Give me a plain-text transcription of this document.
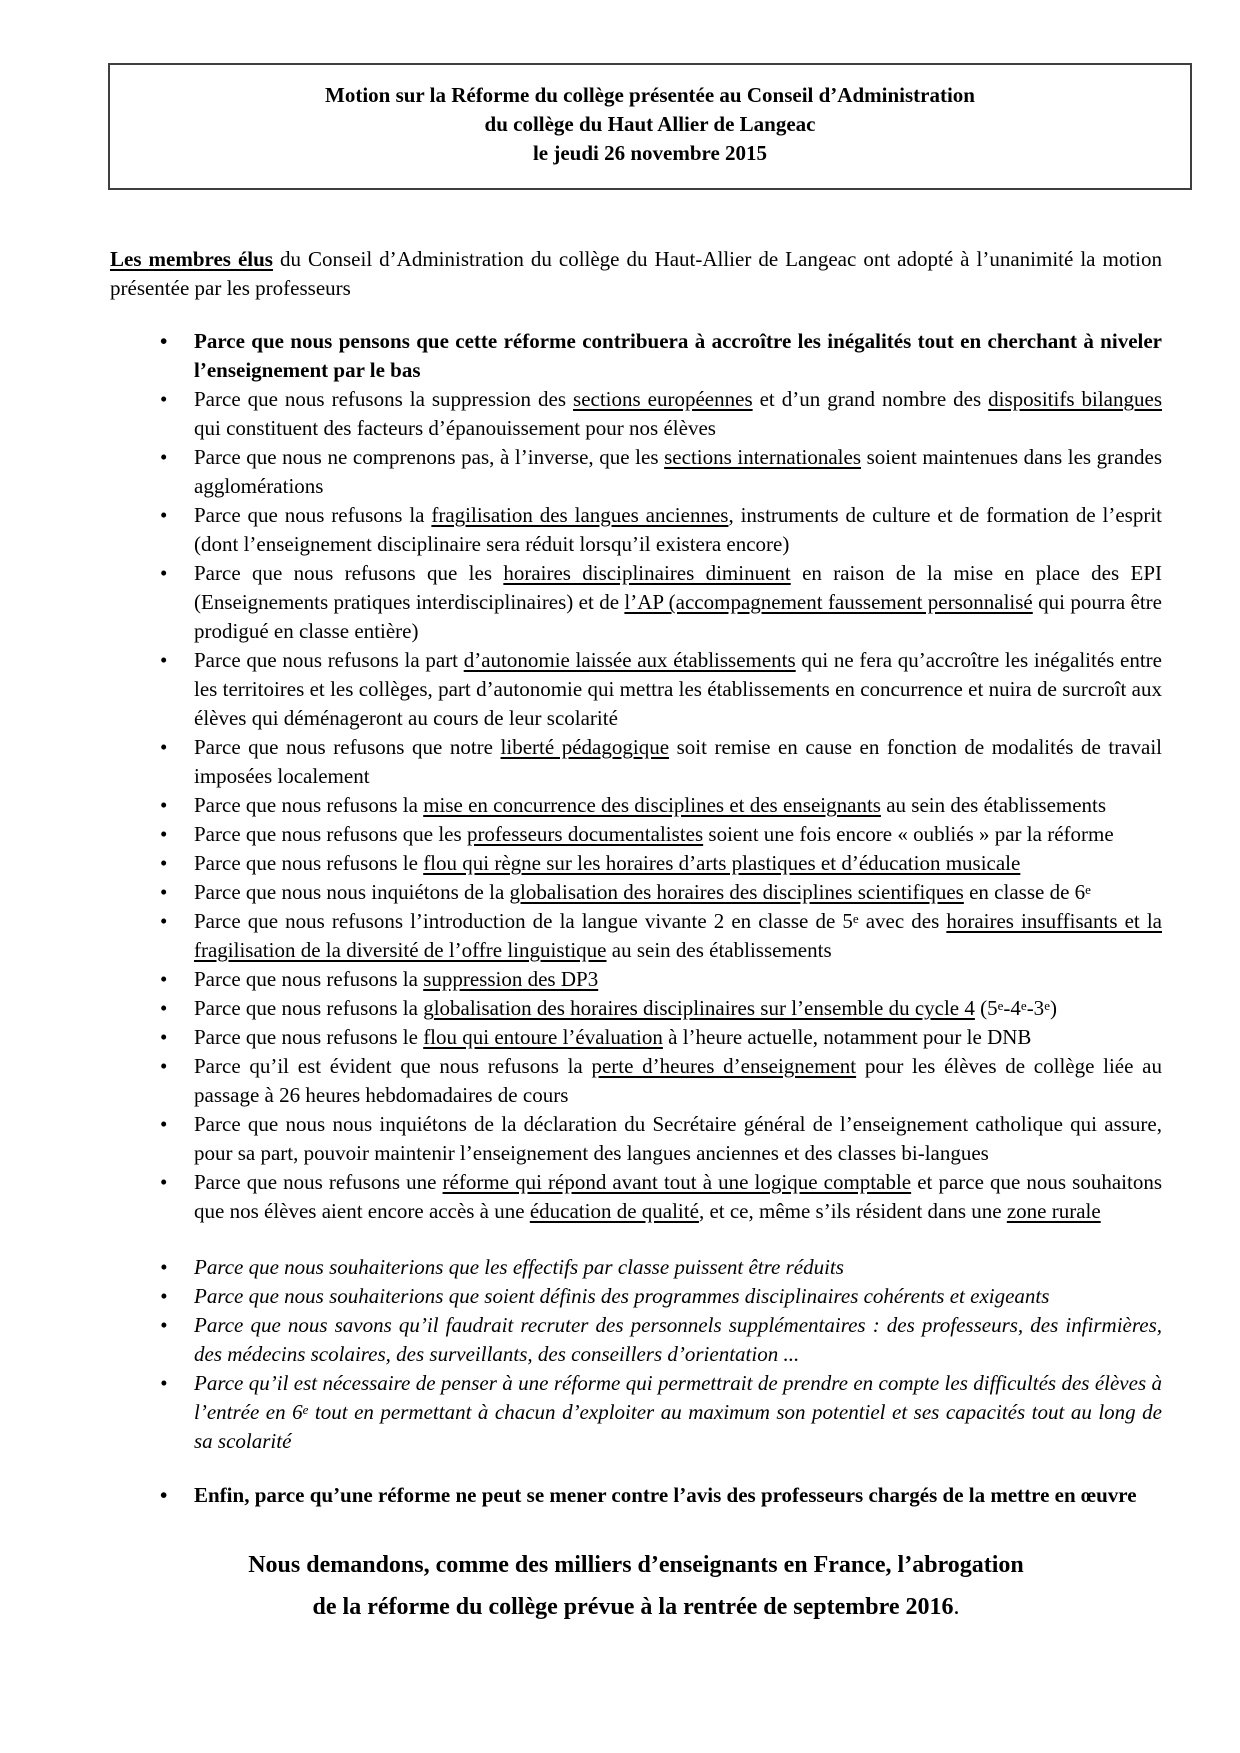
Motion sur la Réforme du collège présentée au Conseil d’Administration
du collège du Haut Allier de Langeac
le jeudi 26 novembre 2015

Les membres élus du Conseil d’Administration du collège du Haut-Allier de Langeac ont adopté à l’unanimité la motion présentée par les professeurs

• Parce que nous pensons que cette réforme contribuera à accroître les inégalités tout en cherchant à niveler l’enseignement par le bas
• Parce que nous refusons la suppression des sections européennes et d’un grand nombre des dispositifs bilangues qui constituent des facteurs d’épanouissement pour nos élèves
• Parce que nous ne comprenons pas, à l’inverse, que les sections internationales soient maintenues dans les grandes agglomérations
• Parce que nous refusons la fragilisation des langues anciennes, instruments de culture et de formation de l’esprit (dont l’enseignement disciplinaire sera réduit lorsqu’il existera encore)
• Parce que nous refusons que les horaires disciplinaires diminuent en raison de la mise en place des EPI (Enseignements pratiques interdisciplinaires) et de l’AP (accompagnement faussement personnalisé qui pourra être prodigué en classe entière)
• Parce que nous refusons la part d’autonomie laissée aux établissements qui ne fera qu’accroître les inégalités entre les territoires et les collèges, part d’autonomie qui mettra les établissements en concurrence et nuira de surcroît aux élèves qui déménageront au cours de leur scolarité
• Parce que nous refusons que notre liberté pédagogique soit remise en cause en fonction de modalités de travail imposées localement
• Parce que nous refusons la mise en concurrence des disciplines et des enseignants au sein des établissements
• Parce que nous refusons que les professeurs documentalistes soient une fois encore « oubliés » par la réforme
• Parce que nous refusons le flou qui règne sur les horaires d’arts plastiques et d’éducation musicale
• Parce que nous nous inquiétons de la globalisation des horaires des disciplines scientifiques en classe de 6e
• Parce que nous refusons l’introduction de la langue vivante 2 en classe de 5e avec des horaires insuffisants et la fragilisation de la diversité de l’offre linguistique au sein des établissements
• Parce que nous refusons la suppression des DP3
• Parce que nous refusons la globalisation des horaires disciplinaires sur l’ensemble du cycle 4 (5e-4e-3e)
• Parce que nous refusons le flou qui entoure l’évaluation à l’heure actuelle, notamment pour le DNB
• Parce qu’il est évident que nous refusons la perte d’heures d’enseignement pour les élèves de collège liée au passage à 26 heures hebdomadaires de cours
• Parce que nous nous inquiétons de la déclaration du Secrétaire général de l’enseignement catholique qui assure, pour sa part, pouvoir maintenir l’enseignement des langues anciennes et des classes bi-langues
• Parce que nous refusons une réforme qui répond avant tout à une logique comptable et parce que nous souhaitons que nos élèves aient encore accès à une éducation de qualité, et ce, même s’ils résident dans une zone rurale
• Parce que nous souhaiterions que les effectifs par classe puissent être réduits
• Parce que nous souhaiterions que soient définis des programmes disciplinaires cohérents et exigeants
• Parce que nous savons qu’il faudrait recruter des personnels supplémentaires : des professeurs, des infirmières, des médecins scolaires, des surveillants, des conseillers d’orientation ...
• Parce qu’il est nécessaire de penser à une réforme qui permettrait de prendre en compte les difficultés des élèves à l’entrée en 6e tout en permettant à chacun d’exploiter au maximum son potentiel et ses capacités tout au long de sa scolarité
• Enfin, parce qu’une réforme ne peut se mener contre l’avis des professeurs chargés de la mettre en œuvre
Nous demandons, comme des milliers d’enseignants en France, l’abrogation
de la réforme du collège prévue à la rentrée de septembre 2016.
